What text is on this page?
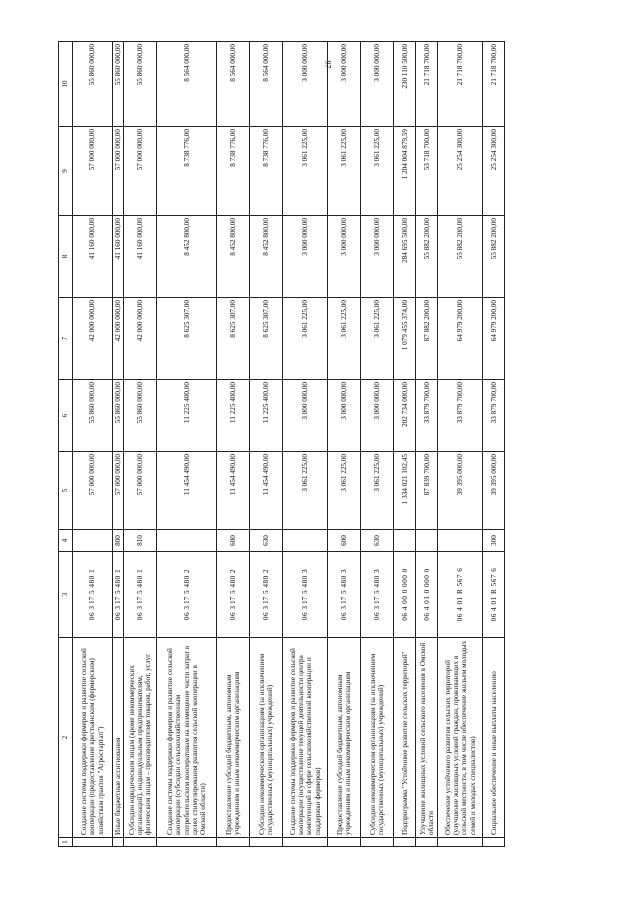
97
1	2	3	4	5	6	7	8	9	10
	Создание системы поддержки фермеров и развитие сельской кооперации (предоставление крестьянским (фермерским) хозяйствам грантов "Агростартап")	06 3 I7 5 480 1		57 000 000,00	55 860 000,00	42 000 000,00	41 160 000,00	57 000 000,00	55 860 000,00
	Иные бюджетные ассигнования	06 3 I7 5 480 1	800	57 000 000,00	55 860 000,00	42 000 000,00	41 160 000,00	57 000 000,00	55 860 000,00
	Субсидии юридическим лицам (кроме некоммерческих организаций), индивидуальным предпринимателям, физическим лицам – производителям товаров, работ, услуг	06 3 I7 5 480 1	810	57 000 000,00	55 860 000,00	42 000 000,00	41 160 000,00	57 000 000,00	55 860 000,00
	Создание системы поддержки фермеров и развитие сельской кооперации (субсидии сельскохозяйственным потребительским кооперативам на возмещение части затрат в целях стимулирования развития сельской кооперации в Омской области)	06 3 I7 5 480 2		11 454 490,00	11 225 400,00	8 625 307,00	8 452 800,00	8 738 776,00	8 564 000,00
	Предоставление субсидий бюджетным, автономным учреждениям и иным некоммерческим организациям	06 3 I7 5 480 2	600	11 454 490,00	11 225 400,00	8 625 307,00	8 452 800,00	8 738 776,00	8 564 000,00
	Субсидии некоммерческим организациям (за исключением государственных (муниципальных) учреждений)	06 3 I7 5 480 2	630	11 454 490,00	11 225 400,00	8 625 307,00	8 452 800,00	8 738 776,00	8 564 000,00
	Создание системы поддержки фермеров и развитие сельской кооперации (осуществление текущей деятельности центра компетенций в сфере сельскохозяйственной кооперации и поддержки фермеров)	06 3 I7 5 480 3		3 061 225,00	3 000 000,00	3 061 225,00	3 000 000,00	3 061 225,00	3 000 000,00
	Предоставление субсидий бюджетным, автономным учреждениям и иным некоммерческим организациям	06 3 I7 5 480 3	600	3 061 225,00	3 000 000,00	3 061 225,00	3 000 000,00	3 061 225,00	3 000 000,00
	Субсидии некоммерческим организациям (за исключением государственных (муниципальных) учреждений)	06 3 I7 5 480 3	630	3 061 225,00	3 000 000,00	3 061 225,00	3 000 000,00	3 061 225,00	3 000 000,00
	Подпрограмма "Устойчивое развитие сельских территорий"	06 4 00 0 000 0		1 334 021 102,45	202 734 000,00	1 079 455 374,00	284 695 500,00	1 204 004 879,59	230 110 500,00
	Улучшение жилищных условий сельского населения в Омской области	06 4 01 0 000 0		87 839 700,00	33 879 700,00	87 882 200,00	55 882 200,00	53 718 700,00	21 718 700,00
	Обеспечение устойчивого развития сельских территорий (улучшение жилищных условий граждан, проживающих в сельской местности, в том числе обеспечение жильем молодых семей и молодых специалистов)	06 4 01 R 567 6		39 395 000,00	33 879 700,00	64 979 200,00	55 882 200,00	25 254 300,00	21 718 700,00
	Социальное обеспечение и иные выплаты населению	06 4 01 R 567 6	300	39 395 000,00	33 879 700,00	64 979 200,00	55 882 200,00	25 254 300,00	21 718 700,00
